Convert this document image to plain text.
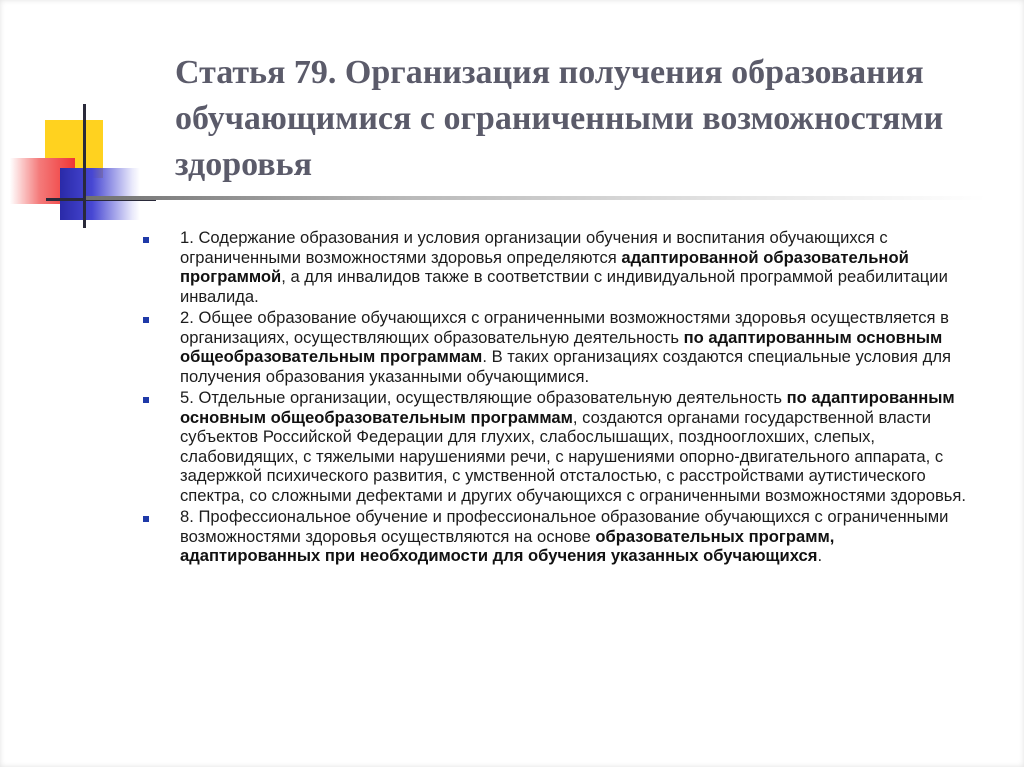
Статья 79. Организация получения образования обучающимися с ограниченными возможностями здоровья
1. Содержание образования и условия организации обучения и воспитания обучающихся с ограниченными возможностями здоровья определяются адаптированной образовательной программой, а для инвалидов также в соответствии с индивидуальной программой реабилитации инвалида.
2. Общее образование обучающихся с ограниченными возможностями здоровья осуществляется в организациях, осуществляющих образовательную деятельность по адаптированным основным общеобразовательным программам. В таких организациях создаются специальные условия для получения образования указанными обучающимися.
5. Отдельные организации, осуществляющие образовательную деятельность по адаптированным основным общеобразовательным программам, создаются органами государственной власти субъектов Российской Федерации для глухих, слабослышащих, позднооглохших, слепых, слабовидящих, с тяжелыми нарушениями речи, с нарушениями опорно-двигательного аппарата, с задержкой психического развития, с умственной отсталостью, с расстройствами аутистического спектра, со сложными дефектами и других обучающихся с ограниченными возможностями здоровья.
8. Профессиональное обучение и профессиональное образование обучающихся с ограниченными возможностями здоровья осуществляются на основе образовательных программ, адаптированных при необходимости для обучения указанных обучающихся.
